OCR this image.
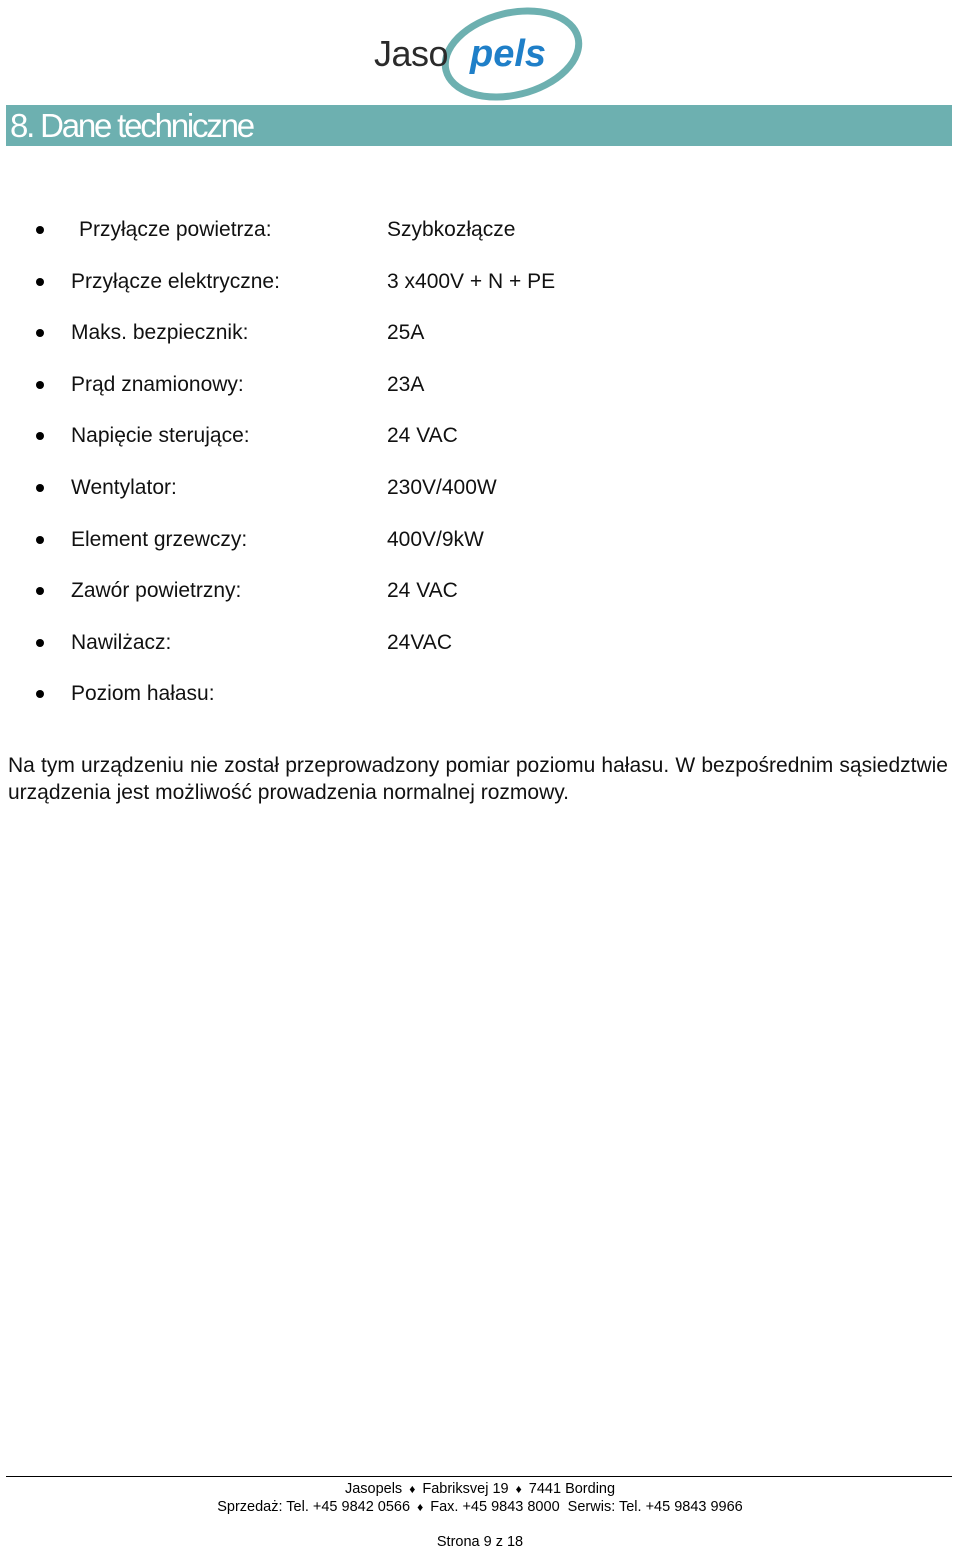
Jaso pels
8. Dane techniczne
Przyłącze powietrza:	Szybkozłącze
Przyłącze elektryczne:	3 x400V + N + PE
Maks. bezpiecznik:	25A
Prąd znamionowy:	23A
Napięcie sterujące:	24 VAC
Wentylator:	230V/400W
Element grzewczy:	400V/9kW
Zawór powietrzny:	24 VAC
Nawilżacz:	24VAC
Poziom hałasu:

Na tym urządzeniu nie został przeprowadzony pomiar poziomu hałasu. W bezpośrednim sąsiedztwie urządzenia jest możliwość prowadzenia normalnej rozmowy.

Jasopels ♦ Fabriksvej 19 ♦ 7441 Bording
Sprzedaż: Tel. +45 9842 0566 ♦ Fax. +45 9843 8000  Serwis: Tel. +45 9843 9966
Strona 9 z 18
